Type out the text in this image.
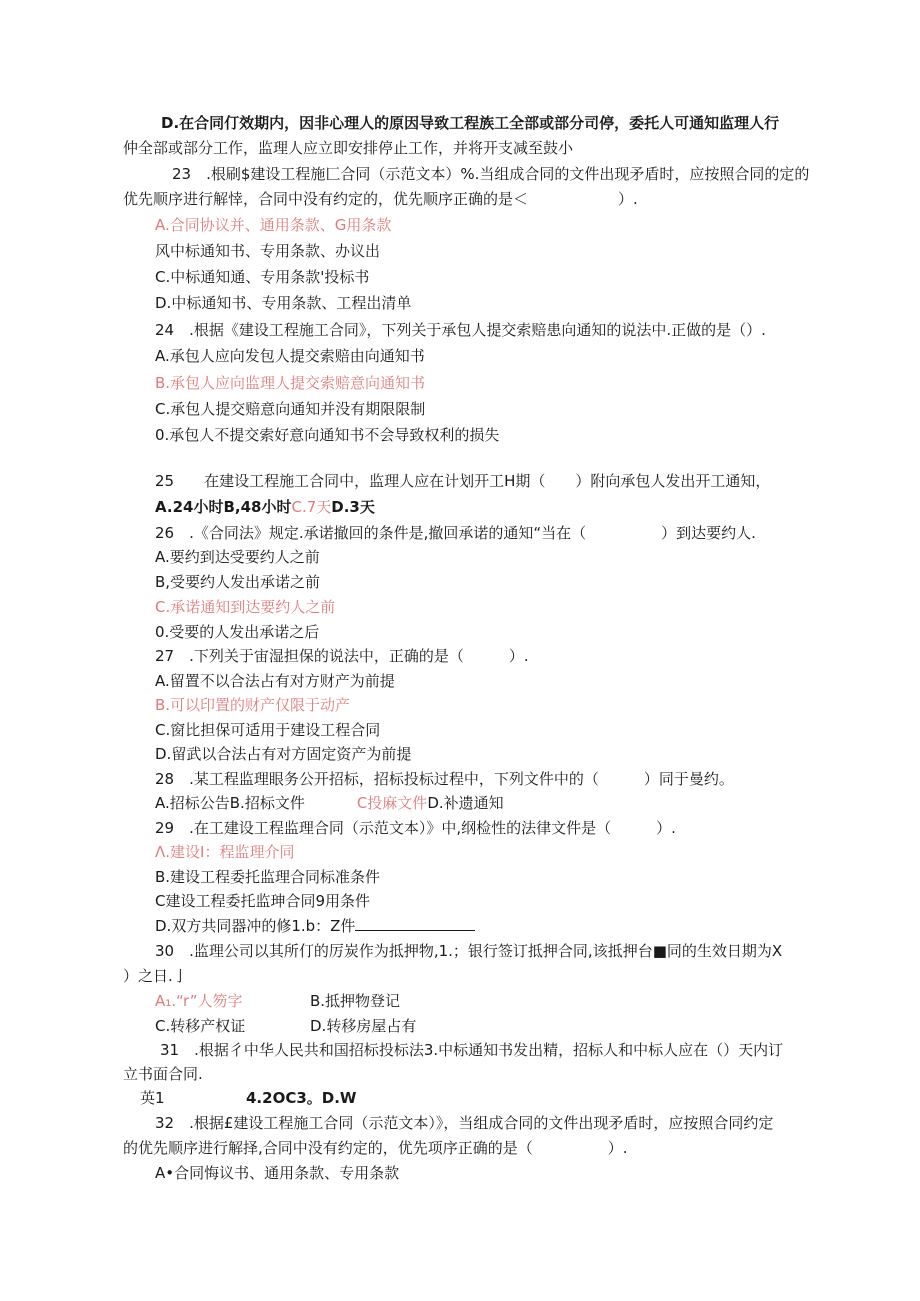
D.在合同仃效期内，因非心理人的原因导致工程族工全部或部分司停，委托人可通知监理人行
仲全部或部分工作，监理人应立即安排停止工作，并将开支减至鼓小
23　.根刷$建设工程施匚合同（示范文本）%.当组成合同的文件出现矛盾时，应按照合同的定的
优先顺序进行解悻，合同中没有约定的，优先顺序正确的是＜　　　　　　）.
A.合同协议并、通用条款、G用条款
风中标通知书、专用条款、办议出
C.中标通知通、专用条款'投标书
D.中标通知书、专用条款、工程岀清单
24　.根据《建设工程施工合同》，下列关于承包人提交索赔患向通知的说法中.正做的是（）.
A.承包人应向发包人提交索赔由向通知书
B.承包人应向监理人提交索赔意向通知书
C.承包人提交赔意向通知并没有期限限制
0.承包人不提交索好意向通知书不会导致权利的损失
25　　在建设工程施工合同中，监理人应在计划开工H期（　　）附向承包人发出开工通知，
A.24小时B,48小时C.7天D.3天
26　.《合同法》规定.承诺撤回的条件是,撤回承诺的通知“当在（　　　　　）到达要约人.
A.要约到达受要约人之前
B,受要约人发出承诺之前
C.承诺通知到达要约人之前
0.受要的人发出承诺之后
27　.下列关于宙湿担保的说法中，正确的是（　　　）.
A.留置不以合法占有对方财产为前提
B.可以印置的财产仅限于动产
C.窗比担保可适用于建设工程合同
D.留武以合法占有对方固定资产为前提
28　.某工程监理眼务公开招标，招标投标过程中，下列文件中的（　　　）同于曼约。
A.招标公告B.招标文件	C投麻文件D.补遗通知
29　.在工建设工程监理合同（示范文本）》中,纲检性的法律文件是（　　　）.
Λ.建设I：程监理介同
B.建设工程委托监理合同标准条件
C建设工程委托监珅合同9用条件
D.双方共同器冲的修1.b：Z件
30　.监理公司以其所仃的厉炭作为抵押物,1.；银行签订抵押合同,该抵押台■同的生效日期为X
）之日.亅
A₁.“r”人笏字	B.抵押物登记
C.转移产权证	D.转移房屋占有
31　.根据彳中华人民共和国招标投标法3.中标通知书发出精，招标人和中标人应在（）天内订
立书面合同.
英1	4.2OC3。D.W
32　.根据£建设工程施工合同（示范文本）》，当组成合同的文件出现矛盾时，应按照合同约定
的优先顺序进行解择,合同中没有约定的，优先项序正确的是（　　　　　）.
A•合同悔议书、通用条款、专用条款
